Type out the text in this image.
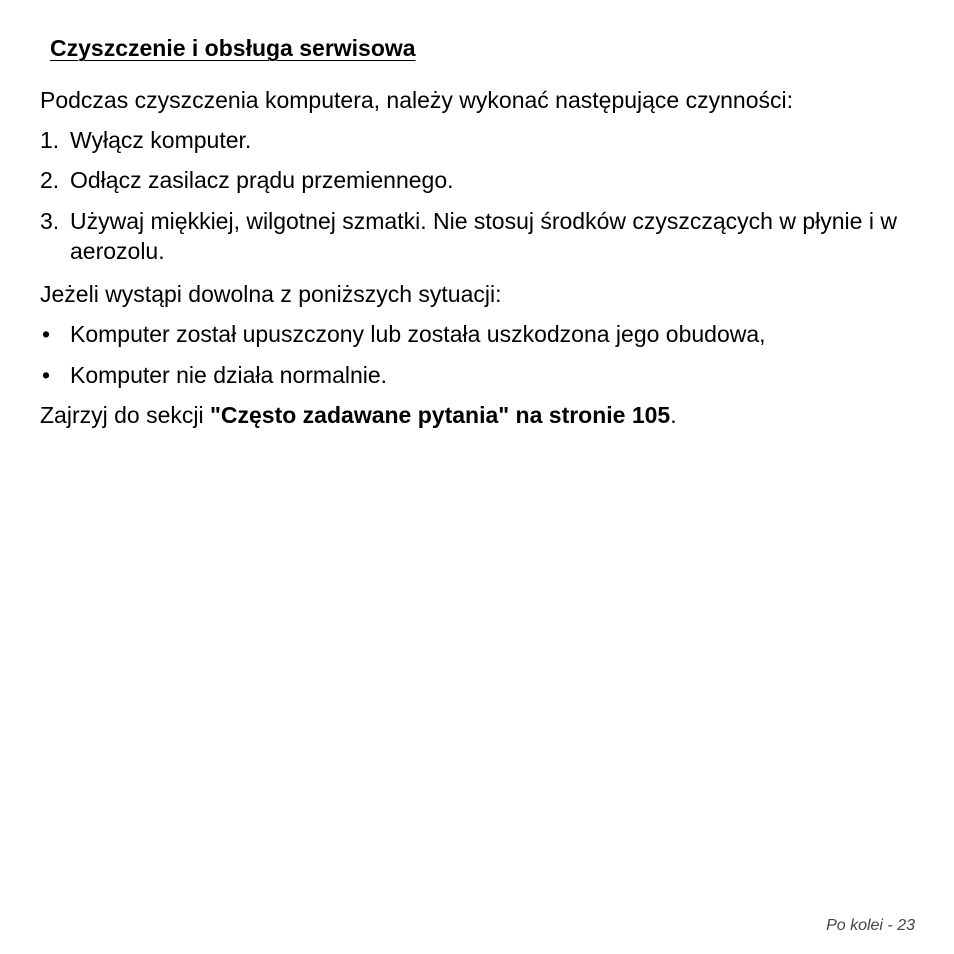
Czyszczenie i obsługa serwisowa

Podczas czyszczenia komputera, należy wykonać następujące czynności:

1. Wyłącz komputer.
2. Odłącz zasilacz prądu przemiennego.
3. Używaj miękkiej, wilgotnej szmatki. Nie stosuj środków czyszczących w płynie i w aerozolu.

Jeżeli wystąpi dowolna z poniższych sytuacji:

• Komputer został upuszczony lub została uszkodzona jego obudowa,
• Komputer nie działa normalnie.

Zajrzyj do sekcji "Często zadawane pytania" na stronie 105.

Po kolei - 23
